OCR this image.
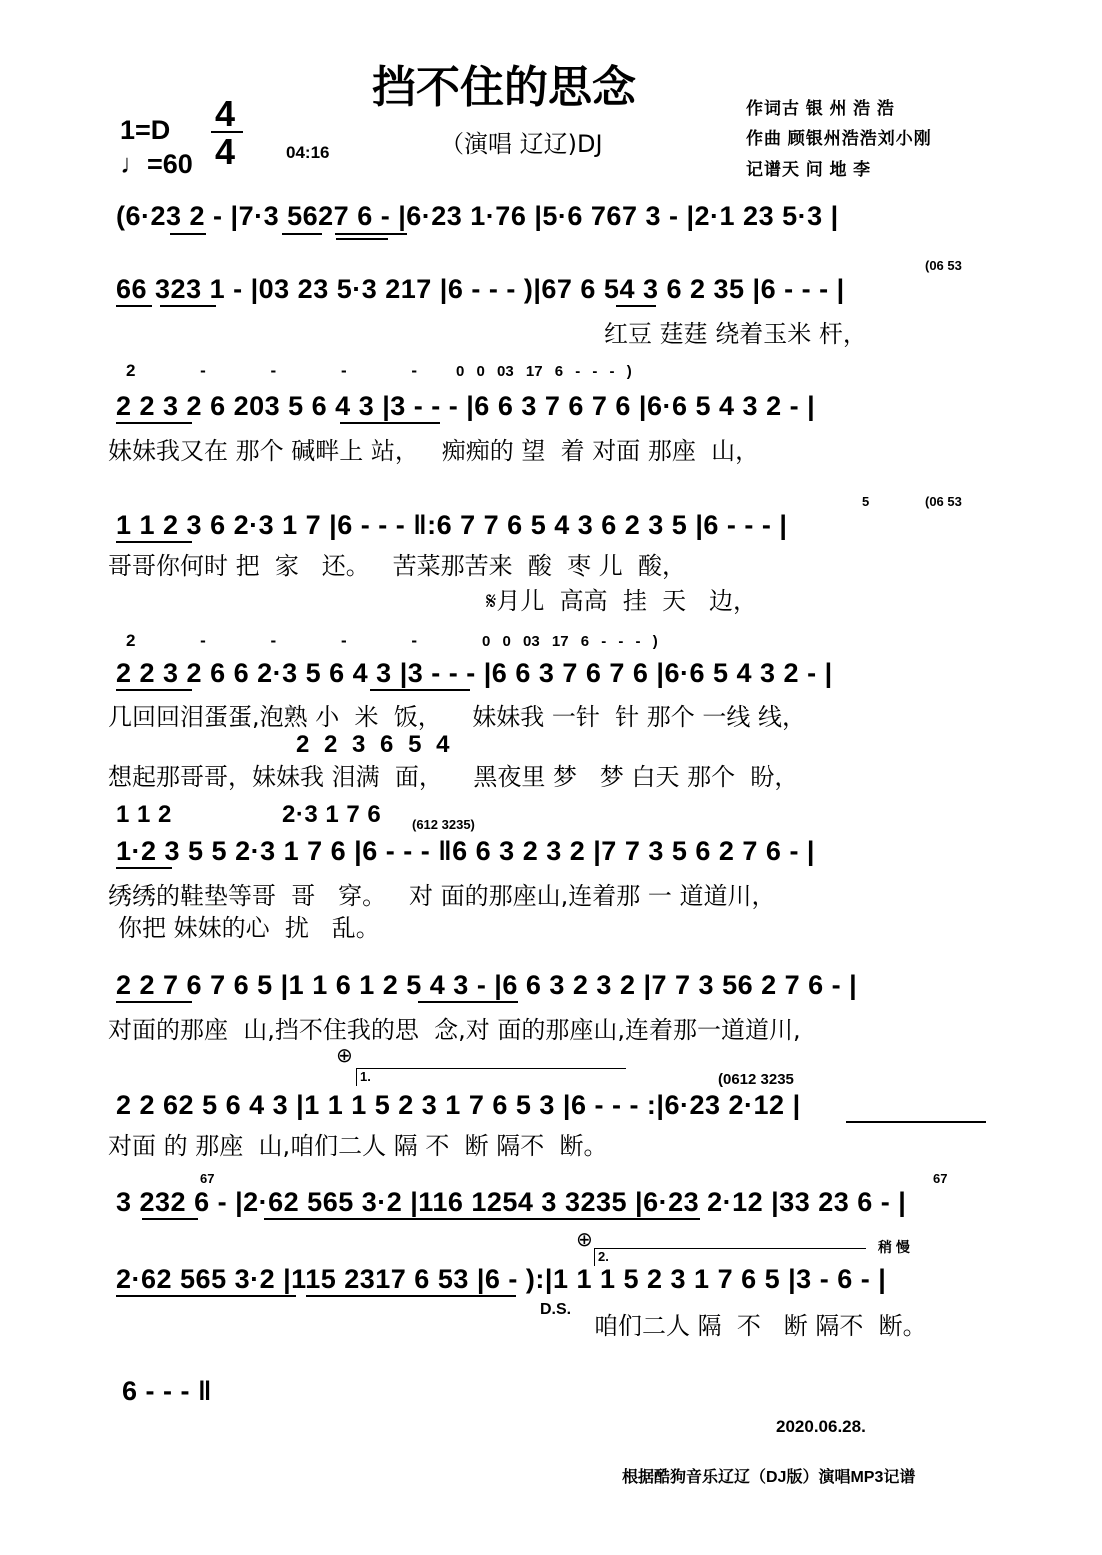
挡不住的思念
1=D
♩=60
4
4	04:16	（演唱 辽辽)DJ
作词古 银 州 浩 浩
作曲 顾银州浩浩刘小刚
记谱天 问 地 李
(6·23 2 - |7·3 5627 6 - |6·23 1·76 |5·6 767 3 - |2·1 23 5·3 |
66 323 1 - |03 23 5·3 217 |6 - - - )|67 6 54 3 6 2 35 |6 - - - |
(06 53
红豆 莛莛 绕着玉米 杆，
2 - - - -	0 0 03 17 6 - - - )
2 2 3 2 6 203 5 6 4 3 |3 - - - |6 6 3 7 6 7 6 |6·6 5 4 3 2 - |
妹妹我又在 那个 碱畔上 站，   痴痴的 望  着 对面 那座  山，
1 1 2 3 6 2·3 1 7 |6 - - - ‖:6 7 7 6 5 4 3 6 2 3 5 |6 - - - |
(06 53
5
哥哥你何时 把  家   还。   苦菜那苦来  酸  枣 儿  酸，
𝄋月儿  高高  挂  天   边，
2 - - - -	0 0 03 17 6 - - - )
2 2 3 2 6 6 2·3 5 6 4 3 |3 - - - |6 6 3 7 6 7 6 |6·6 5 4 3 2 - |
几回回泪蛋蛋,泡熟 小  米  饭，    妹妹我 一针  针 那个 一线 线，
2 2 3 6 5 4
想起那哥哥，妹妹我 泪满  面，    黑夜里 梦   梦 白天 那个  盼，
1 1 2	2·3 1 7 6 (612 3235)
1·2 3 5 5 2·3 1 7 6 |6 - - - ‖6 6 3 2 3 2 |7 7 3 5 6 2 7 6 - |
绣绣的鞋垫等哥  哥   穿。   对 面的那座山,连着那 一 道道川，
你把 妹妹的心  扰   乱。
2 2 7 6 7 6 5 |1 1 6 1 2 5 4 3 - |6 6 3 2 3 2 |7 7 3 56 2 7 6 - |
对面的那座  山,挡不住我的思  念,对 面的那座山,连着那一道道川,
⊕
1.	(0612 3235
2 2 62 5 6 4 3 |1 1 1 5 2 3 1 7 6 5 3 |6 - - - :|6·23 2·12 |
对面 的 那座  山,咱们二人 隔 不  断 隔不  断。
67	67
3 232 6 - |2·62 565 3·2 |116 1254 3 3235 |6·23 2·12 |33 23 6 - |
⊕
2.
稍 慢
2·62 565 3·2 |115 2317 6 53 |6 - ):|1 1 1 5 2 3 1 7 6 5 |3 - 6 - |
D.S.
咱们二人 隔  不   断 隔不  断。
6 - - - ‖
2020.06.28.
根据酷狗音乐辽辽（DJ版）演唱MP3记谱
